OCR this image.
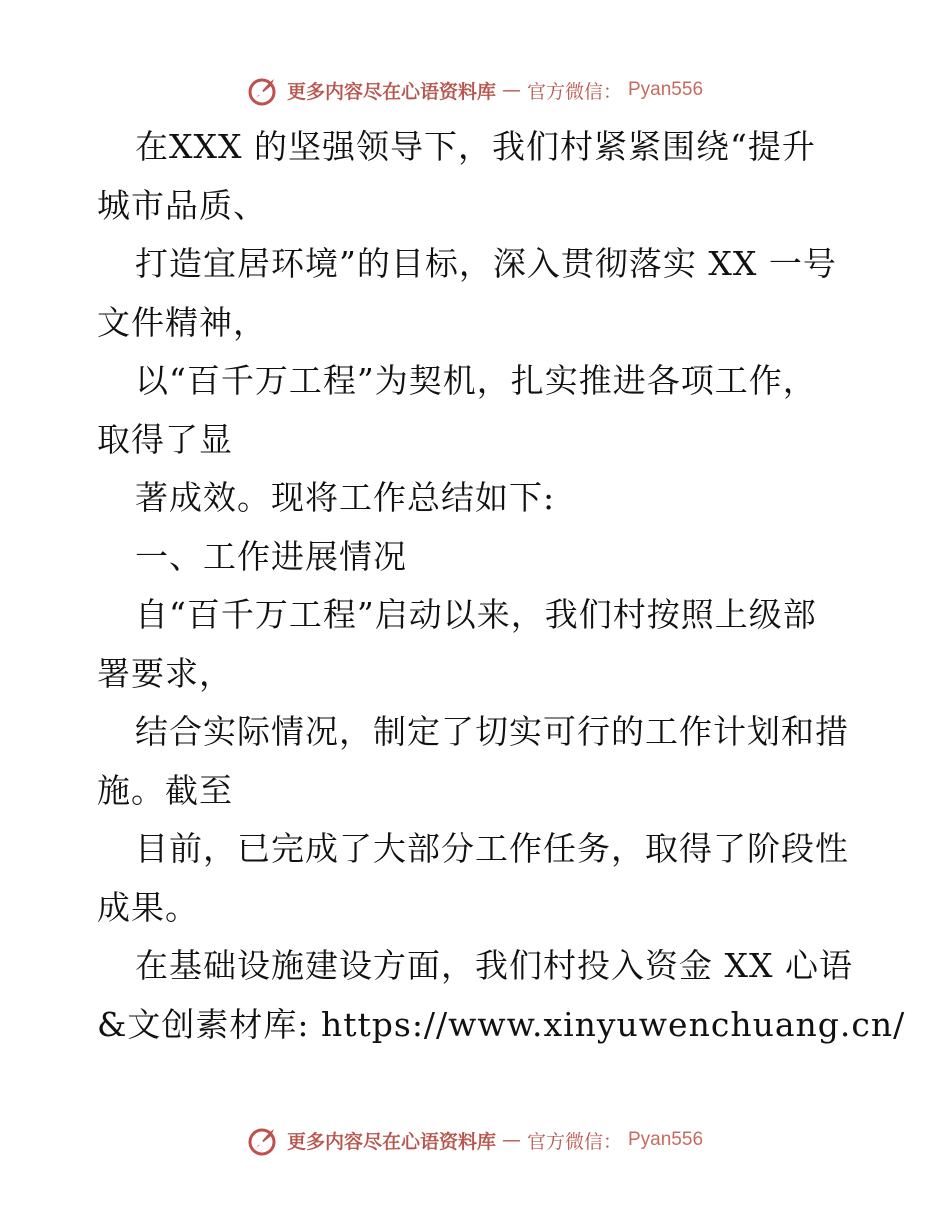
更多内容尽在心语资料库 — 官方微信： Pyan556
在XXX 的坚强领导下，我们村紧紧围绕“提升
城市品质、
打造宜居环境”的目标，深入贯彻落实 XX 一号
文件精神，
以“百千万工程”为契机，扎实推进各项工作，
取得了显
著成效。现将工作总结如下:
一、工作进展情况
自“百千万工程”启动以来，我们村按照上级部
署要求，
结合实际情况，制定了切实可行的工作计划和措
施。截至
目前，已完成了大部分工作任务，取得了阶段性
成果。
在基础设施建设方面，我们村投入资金 XX 心语
&文创素材库: https://www.xinyuwenchuang.cn/
更多内容尽在心语资料库 — 官方微信： Pyan556
